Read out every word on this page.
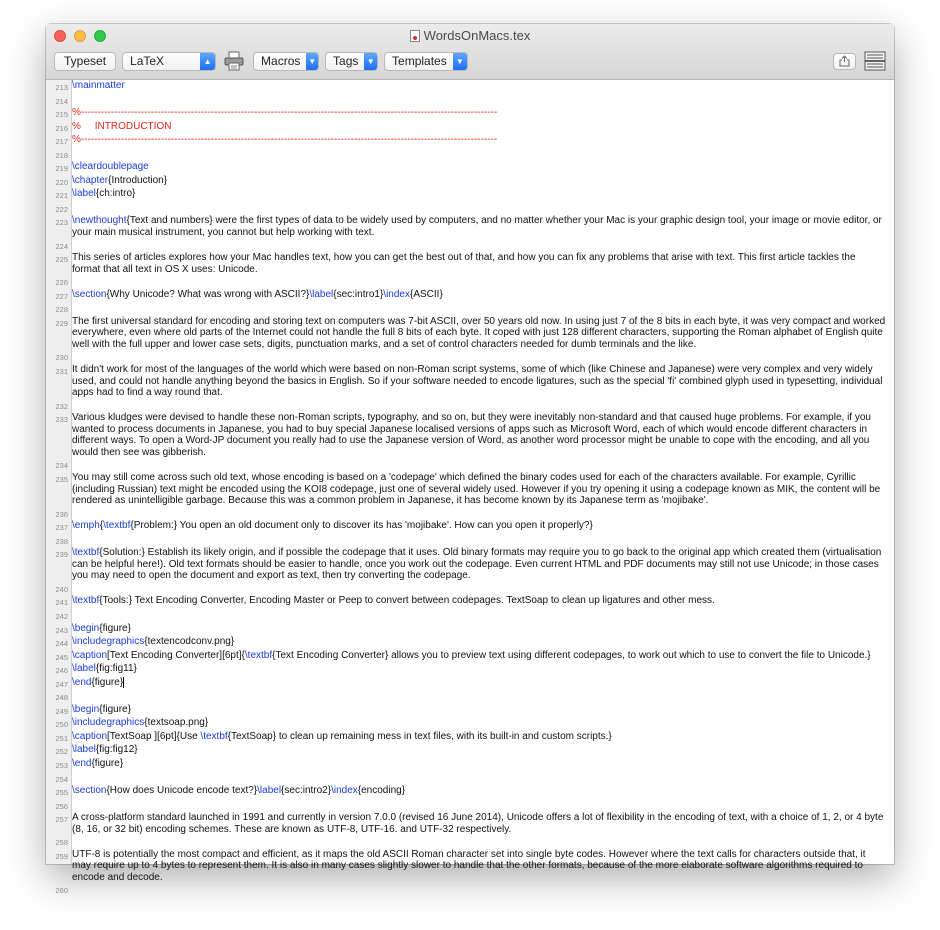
WordsOnMacs.tex
Typeset	LaTeX	▲︎	Macros ▼ Tags ▼ Templates	▼
213 \mainmatter
214

215 %-----------------------------------------------------------------------------------------------------------------------------
216 %     INTRODUCTION
217 %-----------------------------------------------------------------------------------------------------------------------------
218

219 \cleardoublepage
220 \chapter{Introduction}
221 \label{ch:intro}
222

223 \newthought{Text and numbers} were the first types of data to be widely used by computers, and no matter whether your Mac is your graphic design tool, your image or movie editor, or your main musical instrument, you cannot but help working with text.
224

225 This series of articles explores how your Mac handles text, how you can get the best out of that, and how you can fix any problems that arise with text. This first article tackles the format that all text in OS X uses: Unicode.
226

227 \section{Why Unicode? What was wrong with ASCII?}\label{sec:intro1}\index{ASCII}
228

229 The first universal standard for encoding and storing text on computers was 7-bit ASCII, over 50 years old now. In using just 7 of the 8 bits in each byte, it was very compact and worked everywhere, even where old parts of the Internet could not handle the full 8 bits of each byte. It coped with just 128 different characters, supporting the Roman alphabet of English quite well with the full upper and lower case sets, digits, punctuation marks, and a set of control characters needed for dumb terminals and the like.
230

231 It didn't work for most of the languages of the world which were based on non-Roman script systems, some of which (like Chinese and Japanese) were very complex and very widely used, and could not handle anything beyond the basics in English. So if your software needed to encode ligatures, such as the special 'fi' combined glyph used in typesetting, individual apps had to find a way round that.
232

233 Various kludges were devised to handle these non-Roman scripts, typography, and so on, but they were inevitably non-standard and that caused huge problems. For example, if you wanted to process documents in Japanese, you had to buy special Japanese localised versions of apps such as Microsoft Word, each of which would encode different characters in different ways. To open a Word-JP document you really had to use the Japanese version of Word, as another word processor might be unable to cope with the encoding, and all you would then see was gibberish.
234

235 You may still come across such old text, whose encoding is based on a 'codepage' which defined the binary codes used for each of the characters available. For example, Cyrillic (including Russian) text might be encoded using the KOI8 codepage, just one of several widely used. However if you try opening it using a codepage known as MIK, the content will be rendered as unintelligible garbage. Because this was a common problem in Japanese, it has become known by its Japanese term as 'mojibake'.
236

237 \emph{\textbf{Problem:} You open an old document only to discover its has 'mojibake'. How can you open it properly?}
238

239 \textbf{Solution:} Establish its likely origin, and if possible the codepage that it uses. Old binary formats may require you to go back to the original app which created them (virtualisation can be helpful here!). Old text formats should be easier to handle, once you work out the codepage. Even current HTML and PDF documents may still not use Unicode; in those cases you may need to open the document and export as text, then try converting the codepage.
240

241 \textbf{Tools:} Text Encoding Converter, Encoding Master or Peep to convert between codepages. TextSoap to clean up ligatures and other mess.
242

243 \begin{figure}
244 \includegraphics{textencodconv.png}
245 \caption[Text Encoding Converter][6pt]{\textbf{Text Encoding Converter} allows you to preview text using different codepages, to work out which to use to convert the file to Unicode.}
246 \label{fig:fig11}
247 \end{figure}
248

249 \begin{figure}
250 \includegraphics{textsoap.png}
251 \caption[TextSoap ][6pt]{Use \textbf{TextSoap} to clean up remaining mess in text files, with its built-in and custom scripts.}
252 \label{fig:fig12}
253 \end{figure}
254

255 \section{How does Unicode encode text?}\label{sec:intro2}\index{encoding}
256

257 A cross-platform standard launched in 1991 and currently in version 7.0.0 (revised 16 June 2014), Unicode offers a lot of flexibility in the encoding of text, with a choice of 1, 2, or 4 byte (8, 16, or 32 bit) encoding schemes. These are known as UTF-8, UTF-16. and UTF-32 respectively.
258

259 UTF-8 is potentially the most compact and efficient, as it maps the old ASCII Roman character set into single byte codes. However where the text calls for characters outside that, it may require up to 4 bytes to represent them. It is also in many cases slightly slower to handle that the other formats, because of the more elaborate software algorithms required to encode and decode.
260
